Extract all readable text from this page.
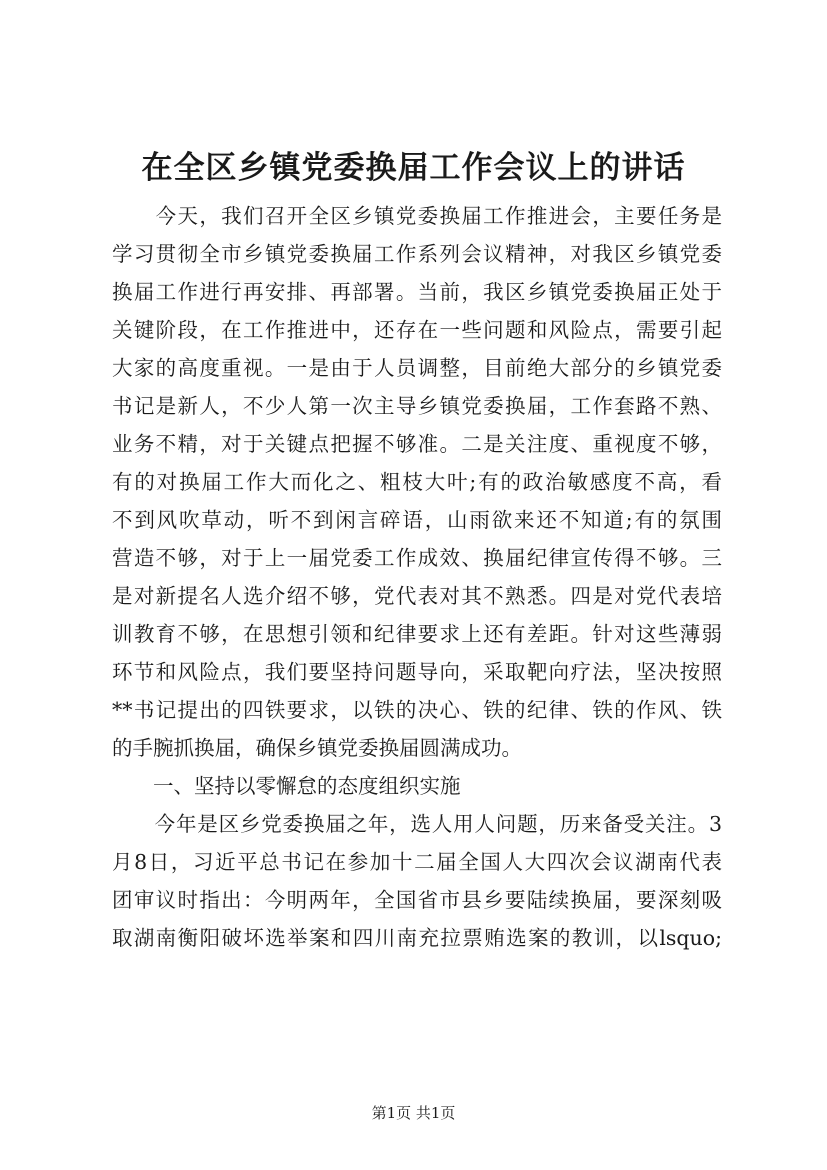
在全区乡镇党委换届工作会议上的讲话
　　今天，我们召开全区乡镇党委换届工作推进会，主要任务是
学习贯彻全市乡镇党委换届工作系列会议精神，对我区乡镇党委
换届工作进行再安排、再部署。当前，我区乡镇党委换届正处于
关键阶段，在工作推进中，还存在一些问题和风险点，需要引起
大家的高度重视。一是由于人员调整，目前绝大部分的乡镇党委
书记是新人，不少人第一次主导乡镇党委换届，工作套路不熟、
业务不精，对于关键点把握不够准。二是关注度、重视度不够，
有的对换届工作大而化之、粗枝大叶;有的政治敏感度不高，看
不到风吹草动，听不到闲言碎语，山雨欲来还不知道;有的氛围
营造不够，对于上一届党委工作成效、换届纪律宣传得不够。三
是对新提名人选介绍不够，党代表对其不熟悉。四是对党代表培
训教育不够，在思想引领和纪律要求上还有差距。针对这些薄弱
环节和风险点，我们要坚持问题导向，采取靶向疗法，坚决按照
**书记提出的四铁要求，以铁的决心、铁的纪律、铁的作风、铁
的手腕抓换届，确保乡镇党委换届圆满成功。
　　一、坚持以零懈怠的态度组织实施
　　今年是区乡党委换届之年，选人用人问题，历来备受关注。3
月8日，习近平总书记在参加十二届全国人大四次会议湖南代表
团审议时指出：今明两年，全国省市县乡要陆续换届，要深刻吸
取湖南衡阳破坏选举案和四川南充拉票贿选案的教训，以lsquo;
第1页 共1页
